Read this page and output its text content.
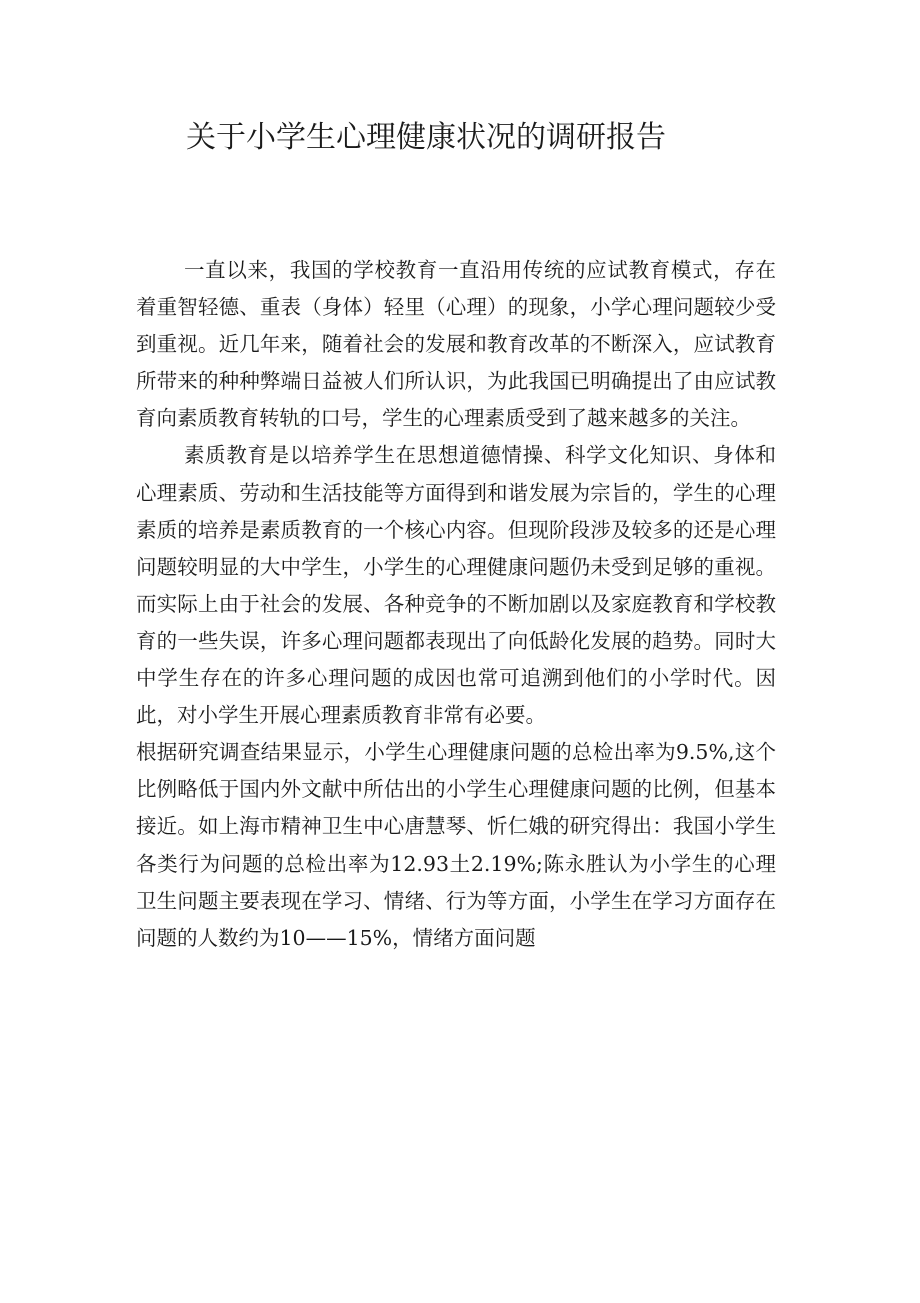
关于小学生心理健康状况的调研报告

一直以来，我国的学校教育一直沿用传统的应试教育模式，存在着重智轻德、重表（身体）轻里（心理）的现象，小学心理问题较少受到重视。近几年来，随着社会的发展和教育改革的不断深入，应试教育所带来的种种弊端日益被人们所认识，为此我国已明确提出了由应试教育向素质教育转轨的口号，学生的心理素质受到了越来越多的关注。

素质教育是以培养学生在思想道德情操、科学文化知识、身体和心理素质、劳动和生活技能等方面得到和谐发展为宗旨的，学生的心理素质的培养是素质教育的一个核心内容。但现阶段涉及较多的还是心理问题较明显的大中学生，小学生的心理健康问题仍未受到足够的重视。而实际上由于社会的发展、各种竞争的不断加剧以及家庭教育和学校教育的一些失误，许多心理问题都表现出了向低龄化发展的趋势。同时大中学生存在的许多心理问题的成因也常可追溯到他们的小学时代。因此，对小学生开展心理素质教育非常有必要。

根据研究调查结果显示，小学生心理健康问题的总检出率为9.5%,这个比例略低于国内外文献中所估出的小学生心理健康问题的比例，但基本接近。如上海市精神卫生中心唐慧琴、忻仁娥的研究得出：我国小学生各类行为问题的总检出率为12.93土2.19%;陈永胜认为小学生的心理卫生问题主要表现在学习、情绪、行为等方面，小学生在学习方面存在问题的人数约为10——15%，情绪方面问题
